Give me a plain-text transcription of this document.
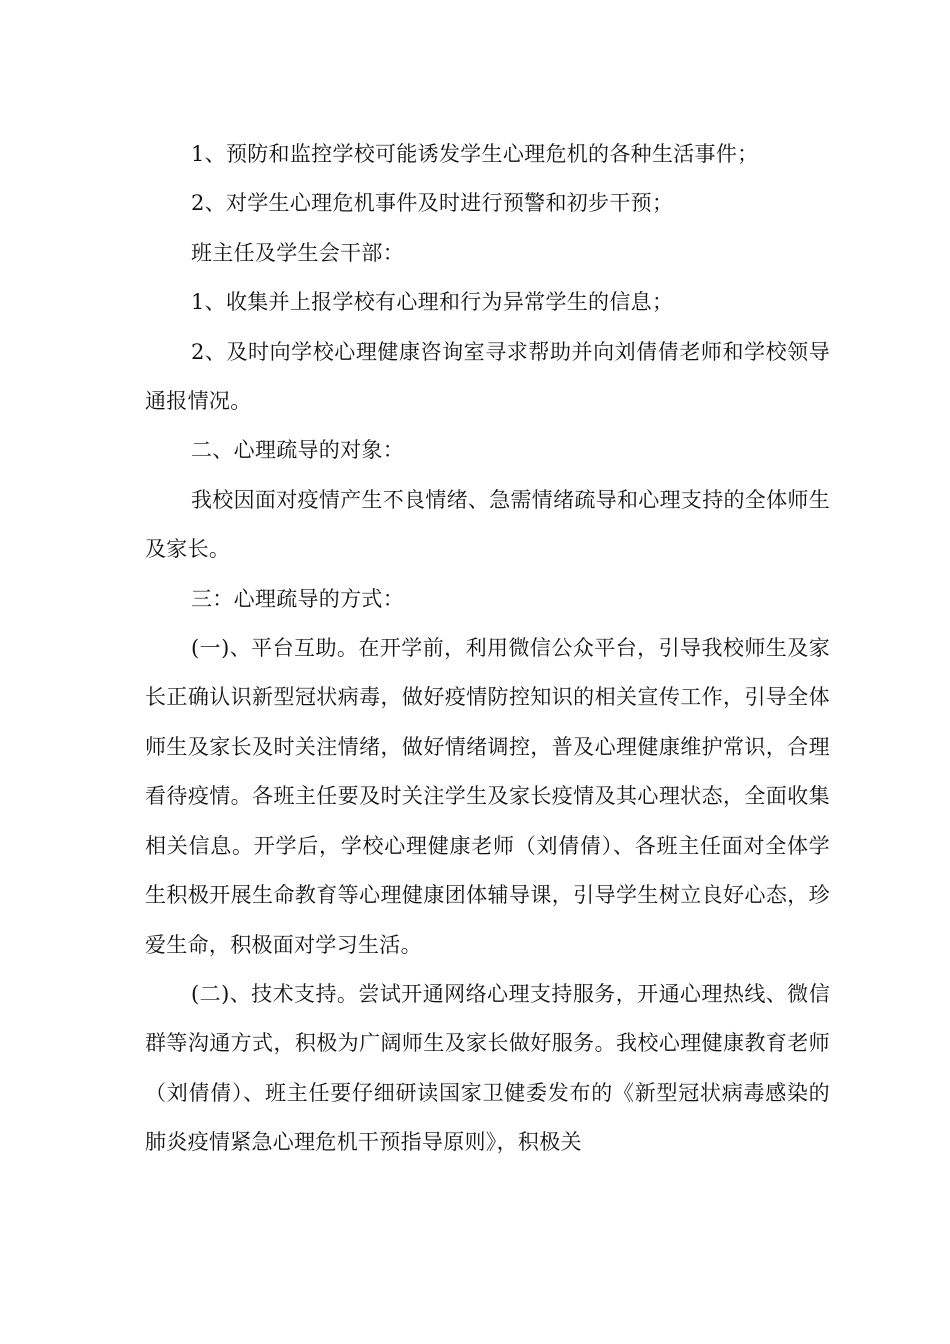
1、预防和监控学校可能诱发学生心理危机的各种生活事件；

2、对学生心理危机事件及时进行预警和初步干预；

班主任及学生会干部：

1、收集并上报学校有心理和行为异常学生的信息；

2、及时向学校心理健康咨询室寻求帮助并向刘倩倩老师和学校领导通报情况。

二、心理疏导的对象：

我校因面对疫情产生不良情绪、急需情绪疏导和心理支持的全体师生及家长。

三：心理疏导的方式：

(一)、平台互助。在开学前，利用微信公众平台，引导我校师生及家长正确认识新型冠状病毒，做好疫情防控知识的相关宣传工作，引导全体师生及家长及时关注情绪，做好情绪调控，普及心理健康维护常识，合理看待疫情。各班主任要及时关注学生及家长疫情及其心理状态，全面收集相关信息。开学后，学校心理健康老师（刘倩倩）、各班主任面对全体学生积极开展生命教育等心理健康团体辅导课，引导学生树立良好心态，珍爱生命，积极面对学习生活。

(二)、技术支持。尝试开通网络心理支持服务，开通心理热线、微信群等沟通方式，积极为广阔师生及家长做好服务。我校心理健康教育老师（刘倩倩）、班主任要仔细研读国家卫健委发布的《新型冠状病毒感染的肺炎疫情紧急心理危机干预指导原则》，积极关
